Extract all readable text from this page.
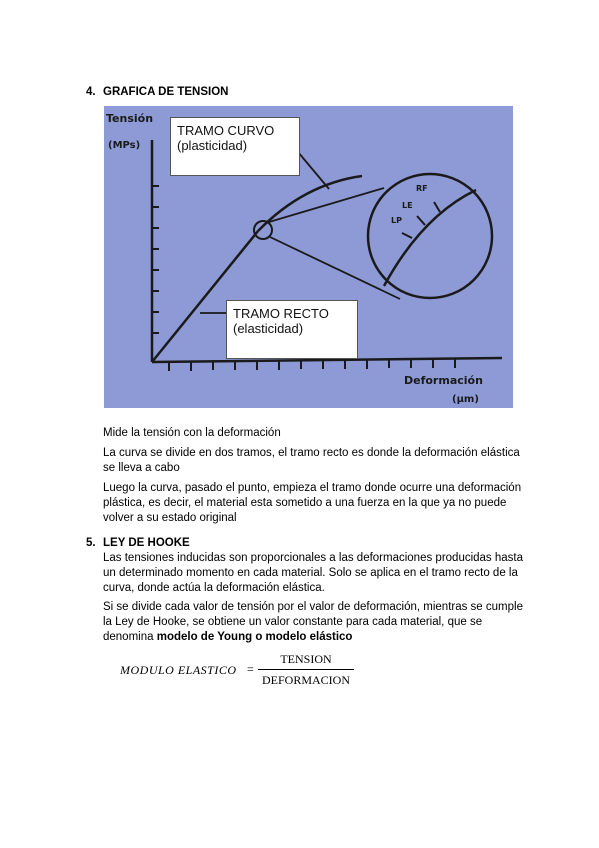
4. GRAFICA DE TENSION
RF
LE
LP
Tensión
(MPs)
Deformación
(μm)
TRAMO CURVO
(plasticidad)
TRAMO RECTO
(elasticidad)

Mide la tensión con la deformación

La curva se divide en dos tramos, el tramo recto es donde la deformación elástica se lleva a cabo

Luego la curva, pasado el punto, empieza el tramo donde ocurre una deformación plástica, es decir, el material esta sometido a una fuerza en la que ya no puede volver a su estado original

5. LEY DE HOOKE

Las tensiones inducidas son proporcionales a las deformaciones producidas hasta un determinado momento en cada material. Solo se aplica en el tramo recto de la curva, donde actúa la deformación elástica.

Si se divide cada valor de tensión por el valor de deformación, mientras se cumple la Ley de Hooke, se obtiene un valor constante para cada material, que se denomina modelo de Young o modelo elástico

MODULO ELASTICO =
TENSION
DEFORMACION
